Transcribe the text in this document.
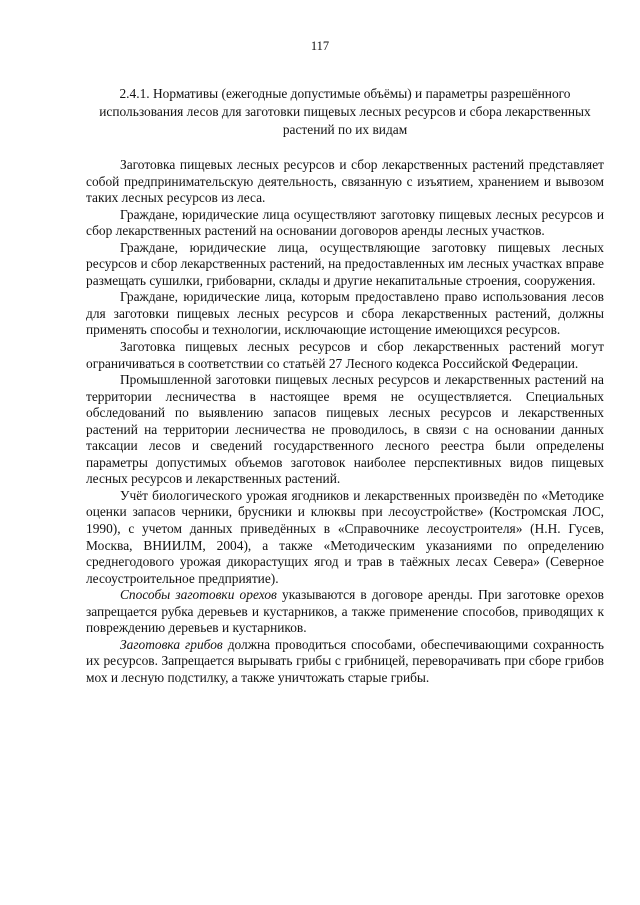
117
2.4.1. Нормативы (ежегодные допустимые объёмы) и параметры разрешённого использования лесов для заготовки пищевых лесных ресурсов и сбора лекарственных растений по их видам

Заготовка пищевых лесных ресурсов и сбор лекарственных растений представляет собой предпринимательскую деятельность, связанную с изъятием, хранением и вывозом таких лесных ресурсов из леса.

Граждане, юридические лица осуществляют заготовку пищевых лесных ресурсов и сбор лекарственных растений на основании договоров аренды лесных участков.

Граждане, юридические лица, осуществляющие заготовку пищевых лесных ресурсов и сбор лекарственных растений, на предоставленных им лесных участках вправе размещать сушилки, грибоварни, склады и другие некапитальные строения, сооружения.

Граждане, юридические лица, которым предоставлено право использования лесов для заготовки пищевых лесных ресурсов и сбора лекарственных растений, должны применять способы и технологии, исключающие истощение имеющихся ресурсов.

Заготовка пищевых лесных ресурсов и сбор лекарственных растений могут ограничиваться в соответствии со статьёй 27 Лесного кодекса Российской Федерации.

Промышленной заготовки пищевых лесных ресурсов и лекарственных растений на территории лесничества в настоящее время не осуществляется. Специальных обследований по выявлению запасов пищевых лесных ресурсов и лекарственных растений на территории лесничества не проводилось, в связи с на основании данных таксации лесов и сведений государственного лесного реестра были определены параметры допустимых объемов заготовок наиболее перспективных видов пищевых лесных ресурсов и лекарственных растений.

Учёт биологического урожая ягодников и лекарственных произведён по «Методике оценки запасов черники, брусники и клюквы при лесоустройстве» (Костромская ЛОС, 1990), с учетом данных приведённых в «Справочнике лесоустроителя» (Н.Н. Гусев, Москва, ВНИИЛМ, 2004), а также «Методическим указаниями по определению среднегодового урожая дикорастущих ягод и трав в таёжных лесах Севера» (Северное лесоустроительное предприятие).

Способы заготовки орехов указываются в договоре аренды. При заготовке орехов запрещается рубка деревьев и кустарников, а также применение способов, приводящих к повреждению деревьев и кустарников.

Заготовка грибов должна проводиться способами, обеспечивающими сохранность их ресурсов. Запрещается вырывать грибы с грибницей, переворачивать при сборе грибов мох и лесную подстилку, а также уничтожать старые грибы.
